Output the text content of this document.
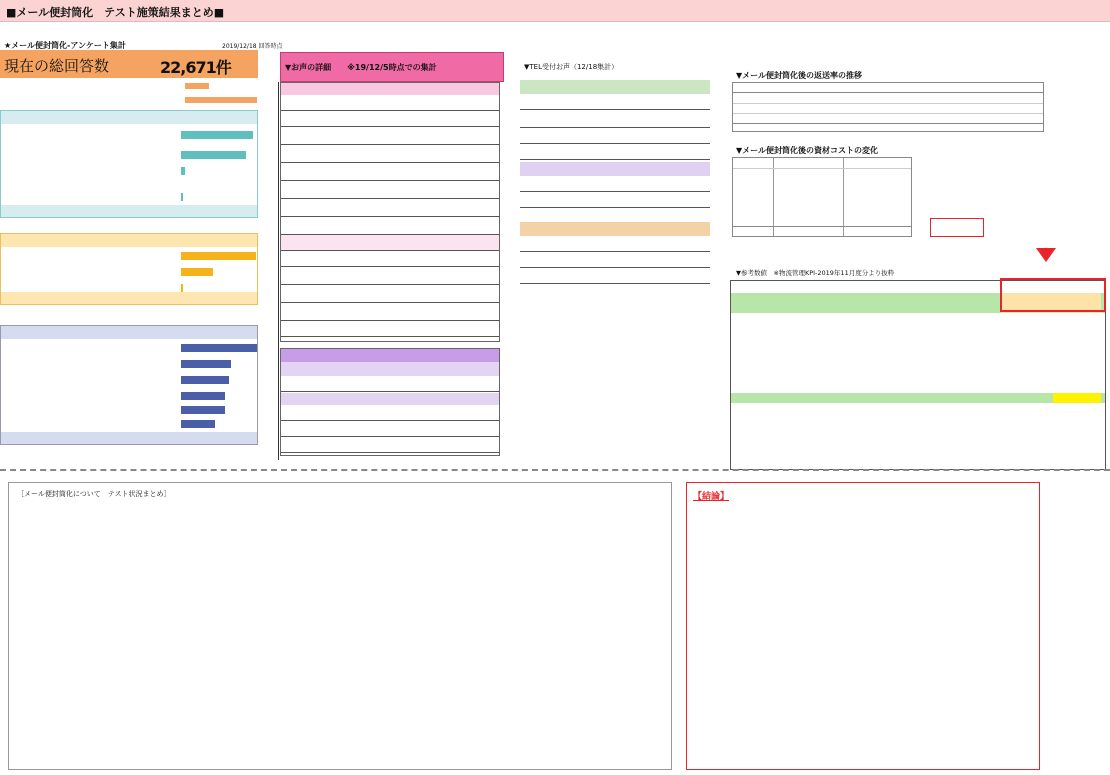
■メール便封筒化　テスト施策結果まとめ■
★メール便封筒化-アンケート集計	2019/12/18 回答時点
現在の総回答数	22,671件	▼お声の詳細　　※19/12/5時点での集計	▼TEL受付お声（12/18集計）
▼メール便封筒化後の返送率の推移
▼メール便封筒化後の資材コストの変化
▼参考数値　※物流管理KPI-2019年11月度分より抜粋
［メール便封筒化について　テスト状況まとめ］	【結論】
